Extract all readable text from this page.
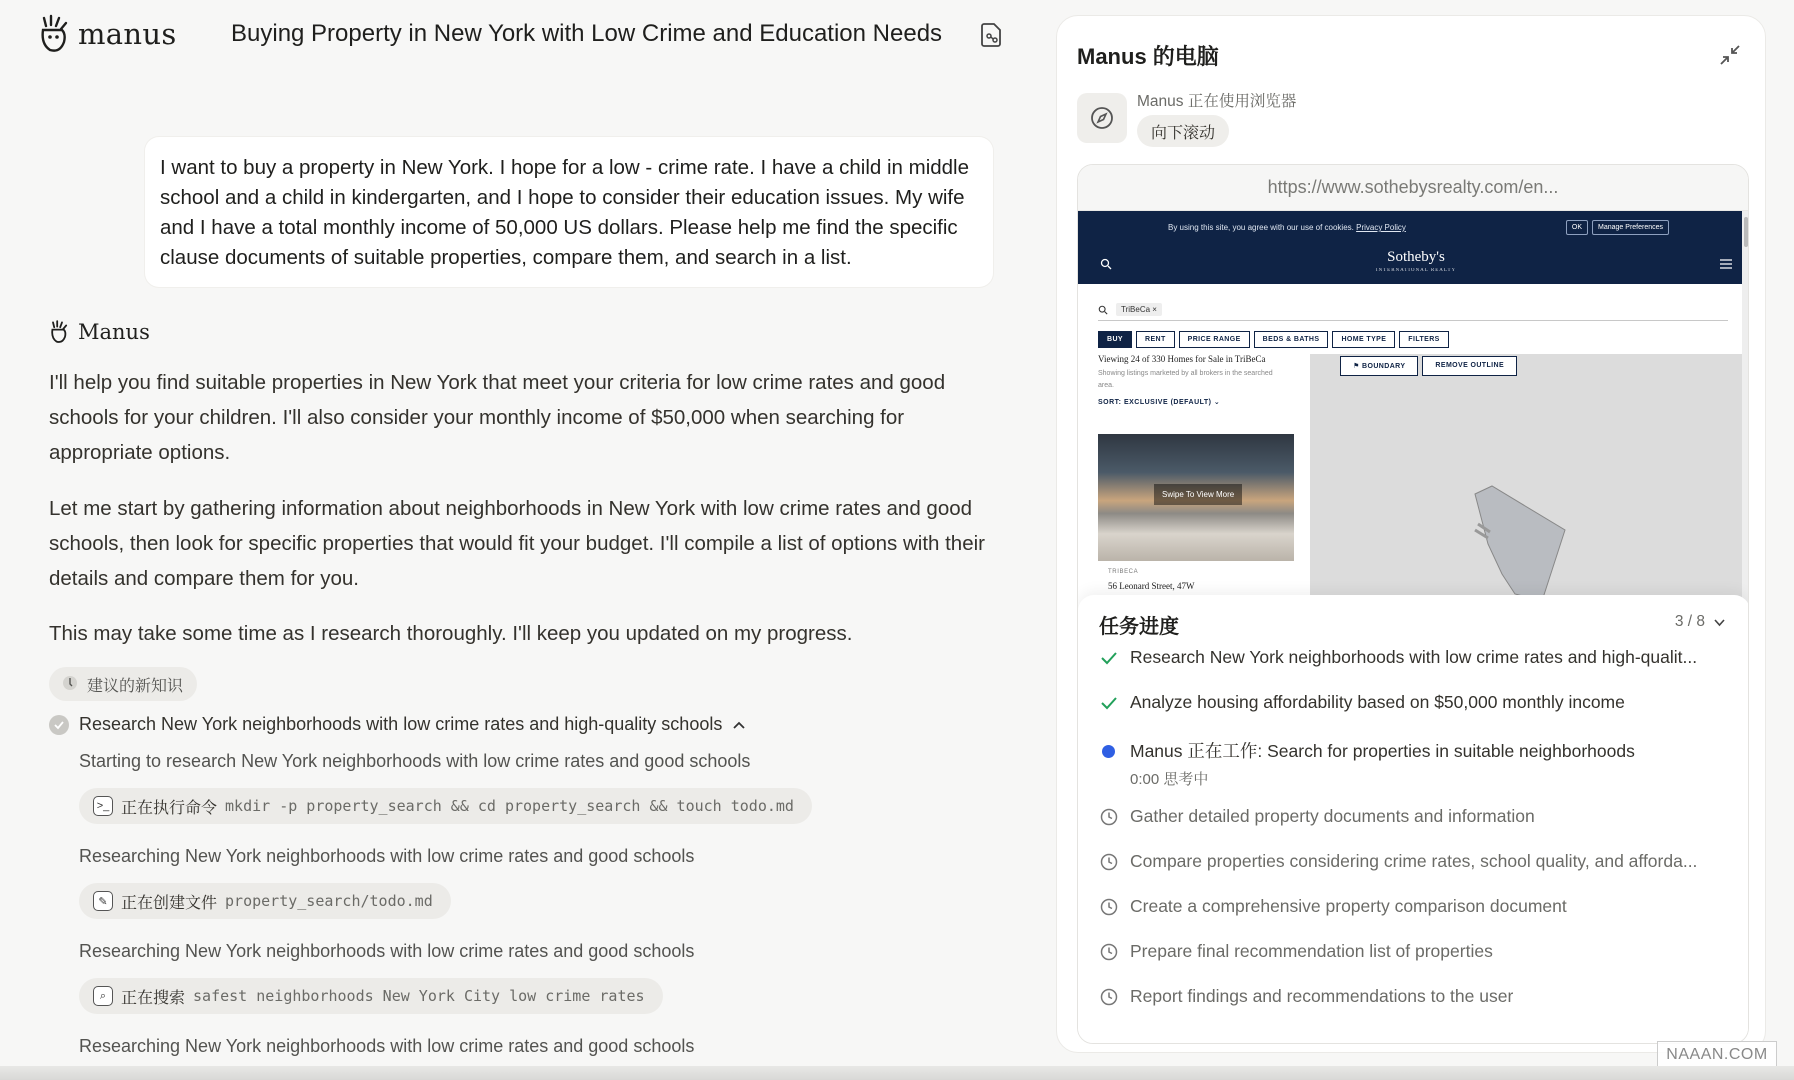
manus Buying Property in New York with Low Crime and Education Needs
I want to buy a property in New York. I hope for a low - crime rate. I have a child in middle school and a child in kindergarten, and I hope to consider their education issues. My wife and I have a total monthly income of 50,000 US dollars. Please help me find the specific clause documents of suitable properties, compare them, and search in a list.
Manus
I'll help you find suitable properties in New York that meet your criteria for low crime rates and good schools for your children. I'll also consider your monthly income of $50,000 when searching for appropriate options.
Let me start by gathering information about neighborhoods in New York with low crime rates and good schools, then look for specific properties that would fit your budget. I'll compile a list of options with their details and compare them for you.
This may take some time as I research thoroughly. I'll keep you updated on my progress.
建议的新知识
Research New York neighborhoods with low crime rates and high-quality schools
Starting to research New York neighborhoods with low crime rates and good schools
>_ 正在执行命令 mkdir -p property_search && cd property_search && touch todo.md
Researching New York neighborhoods with low crime rates and good schools
✎ 正在创建文件 property_search/todo.md
Researching New York neighborhoods with low crime rates and good schools
⌕ 正在搜索 safest neighborhoods New York City low crime rates
Researching New York neighborhoods with low crime rates and good schools
Manus 的电脑
Manus 正在使用浏览器
向下滚动
https://www.sothebysrealty.com/en...
By using this site, you agree with our use of cookies. Privacy Policy	OK	Manage Preferences
Sotheby's
INTERNATIONAL REALTY
TriBeCa ×
BUY	RENT	PRICE RANGE	BEDS & BATHS	HOME TYPE	FILTERS
Viewing 24 of 330 Homes for Sale in TriBeCa
Showing listings marketed by all brokers in the searched area.
SORT: EXCLUSIVE (DEFAULT) ⌄
Swipe To View More
TRIBECA
56 Leonard Street, 47W
⚑ BOUNDARY	REMOVE OUTLINE
任务进度	3 / 8
Research New York neighborhoods with low crime rates and high-qualit...
Analyze housing affordability based on $50,000 monthly income
Manus 正在工作: Search for properties in suitable neighborhoods
0:00 思考中
Gather detailed property documents and information
Compare properties considering crime rates, school quality, and afforda...
Create a comprehensive property comparison document
Prepare final recommendation list of properties
Report findings and recommendations to the user
NAAAN.COM
